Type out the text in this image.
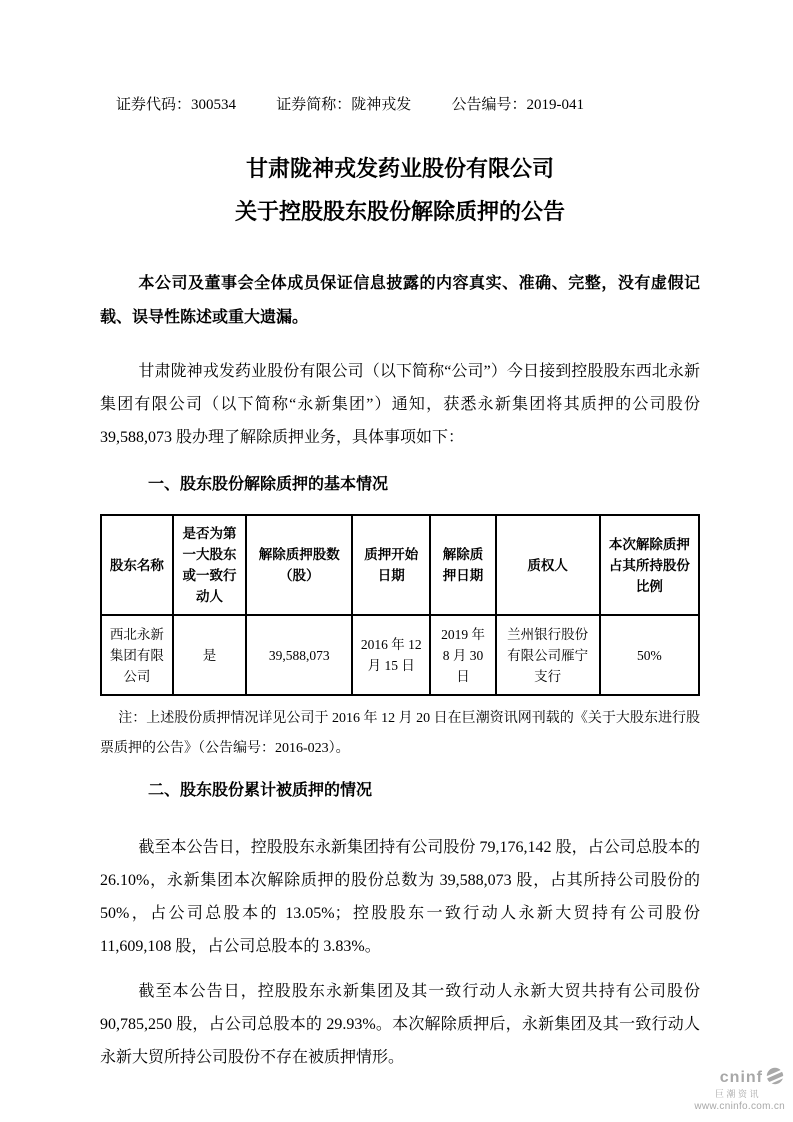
证券代码：300534	证券简称：陇神戎发	公告编号：2019-041
甘肃陇神戎发药业股份有限公司
关于控股股东股份解除质押的公告

本公司及董事会全体成员保证信息披露的内容真实、准确、完整，没有虚假记载、误导性陈述或重大遗漏。

甘肃陇神戎发药业股份有限公司（以下简称“公司”）今日接到控股股东西北永新集团有限公司（以下简称“永新集团”）通知，获悉永新集团将其质押的公司股份 39,588,073 股办理了解除质押业务，具体事项如下：

一、股东股份解除质押的基本情况
股东名称	是否为第一大股东或一致行动人	解除质押股数（股）	质押开始日期	解除质押日期	质权人	本次解除质押占其所持股份比例
西北永新集团有限公司	是	39,588,073	2016 年 12 月 15 日	2019 年 8 月 30 日	兰州银行股份有限公司雁宁支行	50%

注：上述股份质押情况详见公司于 2016 年 12 月 20 日在巨潮资讯网刊载的《关于大股东进行股票质押的公告》（公告编号：2016-023）。

二、股东股份累计被质押的情况

截至本公告日，控股股东永新集团持有公司股份 79,176,142 股，占公司总股本的 26.10%，永新集团本次解除质押的股份总数为 39,588,073 股，占其所持公司股份的 50%，占公司总股本的 13.05%；控股股东一致行动人永新大贸持有公司股份 11,609,108 股，占公司总股本的 3.83%。

截至本公告日，控股股东永新集团及其一致行动人永新大贸共持有公司股份 90,785,250 股，占公司总股本的 29.93%。本次解除质押后，永新集团及其一致行动人永新大贸所持公司股份不存在被质押情形。

cninf
巨潮资讯
www.cninfo.com.cn
